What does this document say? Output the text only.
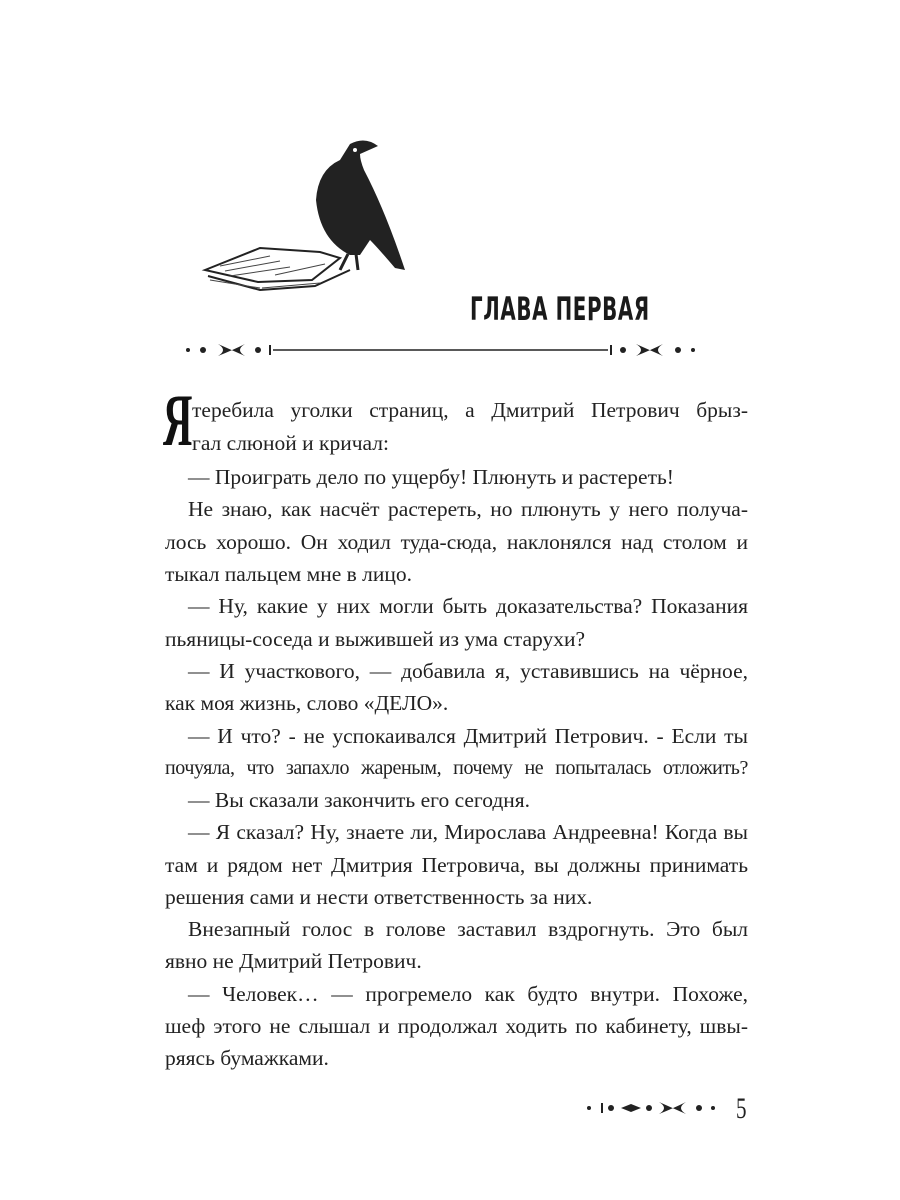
ГЛАВА ПЕРВАЯ
Я теребила уголки страниц, а Дмитрий Петрович брыз-
гал слюной и кричал:
— Проиграть дело по ущербу! Плюнуть и растереть!
Не знаю, как насчёт растереть, но плюнуть у него получа-
лось хорошо. Он ходил туда-сюда, наклонялся над столом и
тыкал пальцем мне в лицо.
— Ну, какие у них могли быть доказательства? Показания
пьяницы-соседа и выжившей из ума старухи?
— И участкового, — добавила я, уставившись на чёрное,
как моя жизнь, слово «ДЕЛО».
— И что? - не успокаивался Дмитрий Петрович. - Если ты
почуяла, что запахло жареным, почему не попыталась отложить?
— Вы сказали закончить его сегодня.
— Я сказал? Ну, знаете ли, Мирослава Андреевна! Когда вы
там и рядом нет Дмитрия Петровича, вы должны принимать
решения сами и нести ответственность за них.
Внезапный голос в голове заставил вздрогнуть. Это был
явно не Дмитрий Петрович.
— Человек… — прогремело как будто внутри. Похоже,
шеф этого не слышал и продолжал ходить по кабинету, швы-
ряясь бумажками.
5
